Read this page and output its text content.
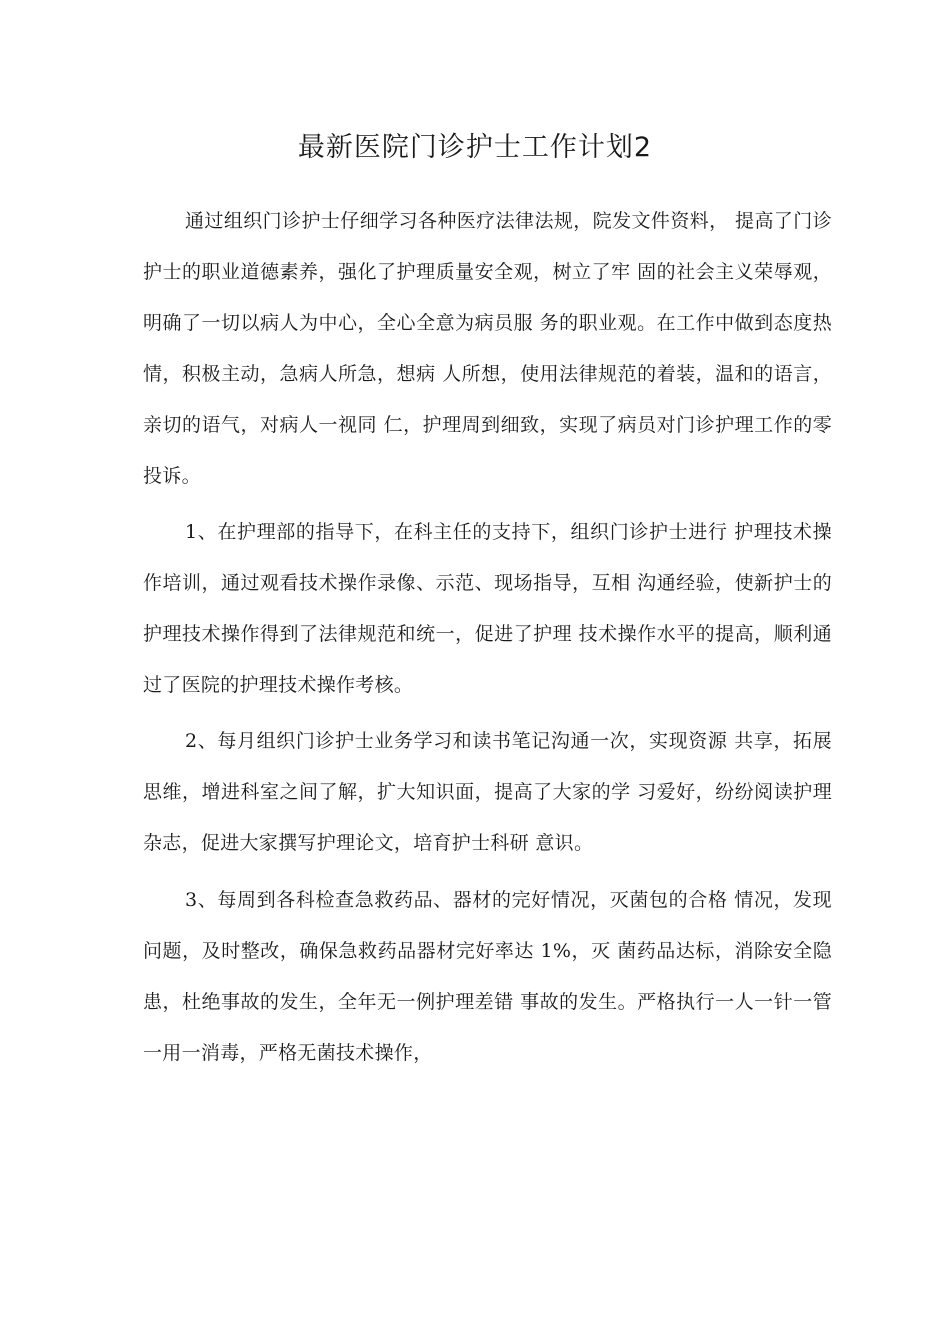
最新医院门诊护士工作计划2

通过组织门诊护士仔细学习各种医疗法律法规，院发文件资料， 提高了门诊护士的职业道德素养，强化了护理质量安全观，树立了牢 固的社会主义荣辱观，明确了一切以病人为中心，全心全意为病员服 务的职业观。在工作中做到态度热情，积极主动，急病人所急，想病 人所想，使用法律规范的着装，温和的语言，亲切的语气，对病人一视同 仁，护理周到细致，实现了病员对门诊护理工作的零投诉。

1、在护理部的指导下，在科主任的支持下，组织门诊护士进行 护理技术操作培训，通过观看技术操作录像、示范、现场指导，互相 沟通经验，使新护士的护理技术操作得到了法律规范和统一，促进了护理 技术操作水平的提高，顺利通过了医院的护理技术操作考核。

2、每月组织门诊护士业务学习和读书笔记沟通一次，实现资源 共享，拓展思维，增进科室之间了解，扩大知识面，提高了大家的学 习爱好，纷纷阅读护理杂志，促进大家撰写护理论文，培育护士科研 意识。

3、每周到各科检查急救药品、器材的完好情况，灭菌包的合格 情况，发现问题，及时整改，确保急救药品器材完好率达 1%，灭 菌药品达标，消除安全隐患，杜绝事故的发生，全年无一例护理差错 事故的发生。严格执行一人一针一管一用一消毒，严格无菌技术操作，
